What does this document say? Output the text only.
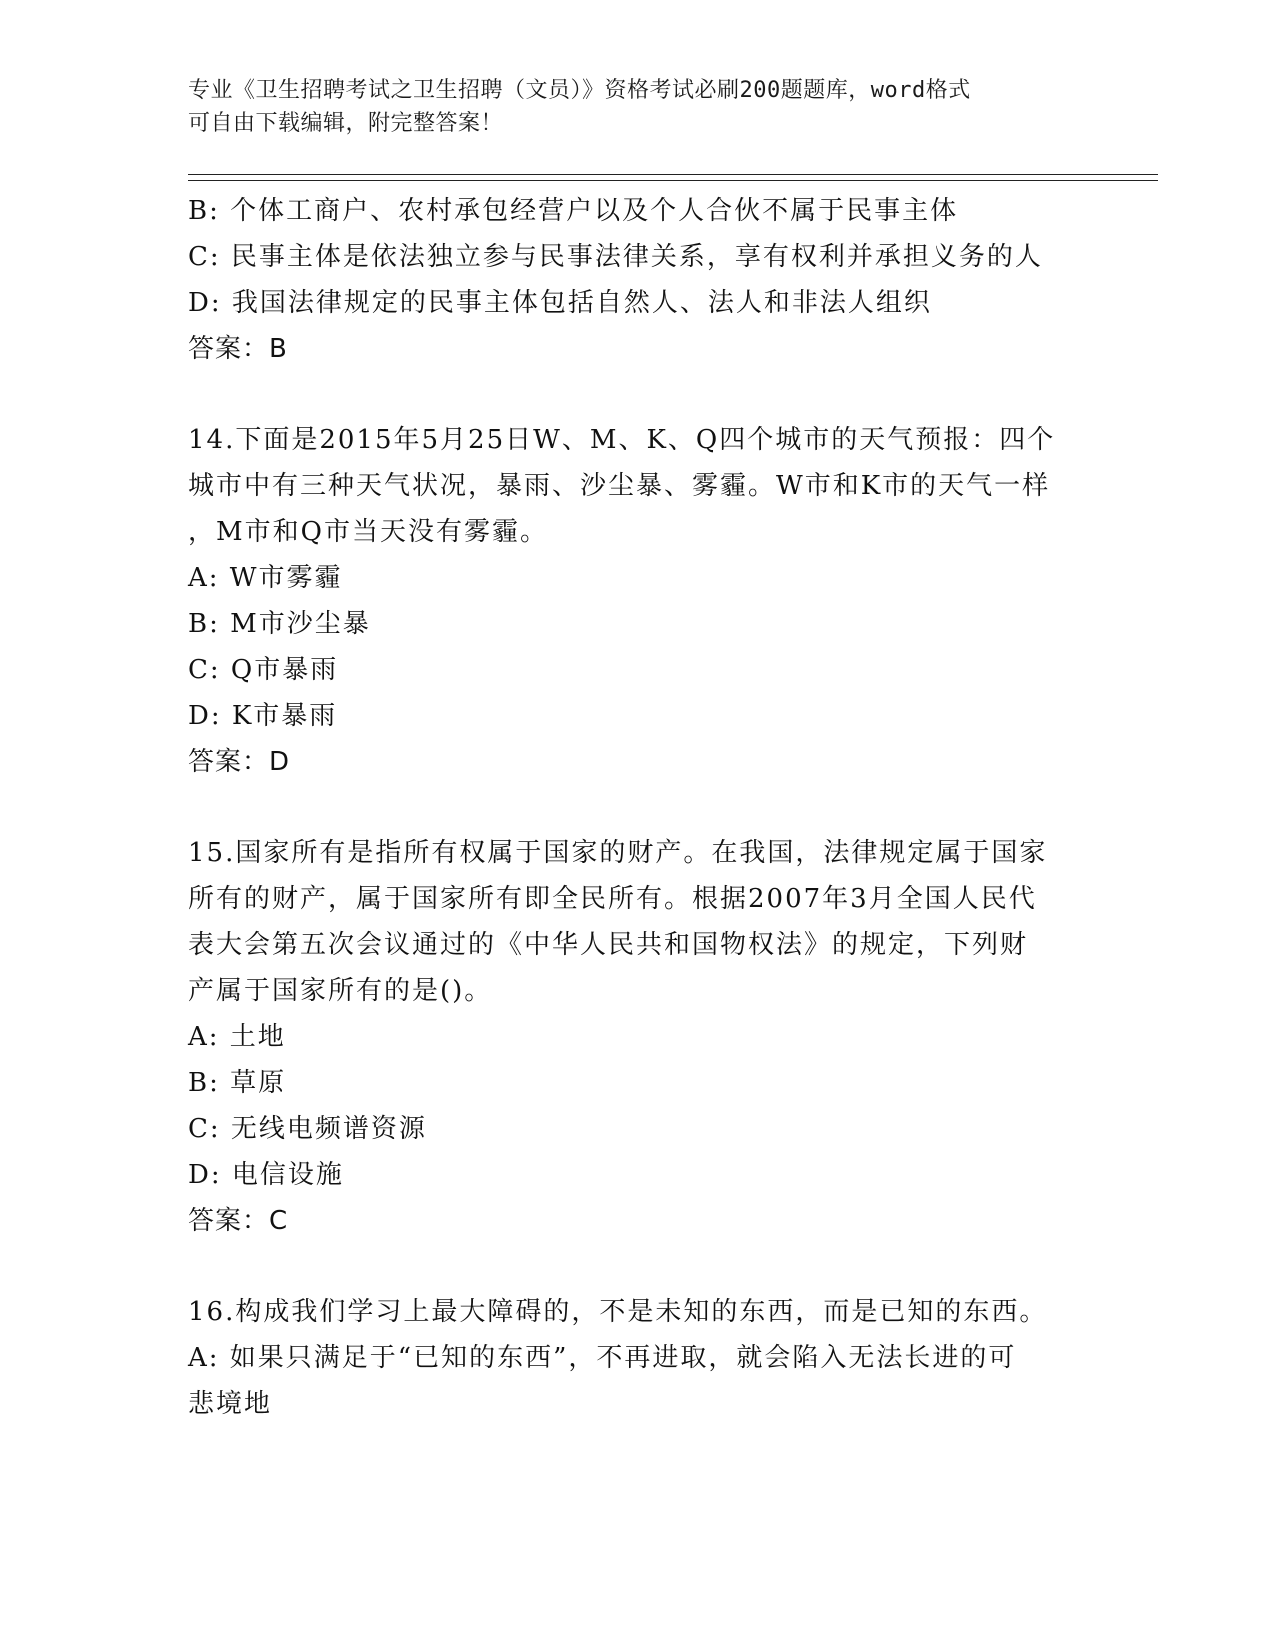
专业《卫生招聘考试之卫生招聘（文员）》资格考试必刷200题题库，word格式
可自由下载编辑，附完整答案！
B: 个体工商户、农村承包经营户以及个人合伙不属于民事主体
C: 民事主体是依法独立参与民事法律关系，享有权利并承担义务的人
D: 我国法律规定的民事主体包括自然人、法人和非法人组织
答案：B
14.下面是2015年5月25日W、M、K、Q四个城市的天气预报：四个
城市中有三种天气状况，暴雨、沙尘暴、雾霾。W市和K市的天气一样
，M市和Q市当天没有雾霾。
A: W市雾霾
B: M市沙尘暴
C: Q市暴雨
D: K市暴雨
答案：D
15.国家所有是指所有权属于国家的财产。在我国，法律规定属于国家
所有的财产，属于国家所有即全民所有。根据2007年3月全国人民代
表大会第五次会议通过的《中华人民共和国物权法》的规定，下列财
产属于国家所有的是()。
A: 土地
B: 草原
C: 无线电频谱资源
D: 电信设施
答案：C
16.构成我们学习上最大障碍的，不是未知的东西，而是已知的东西。
A: 如果只满足于“已知的东西”，不再进取，就会陷入无法长进的可
悲境地
